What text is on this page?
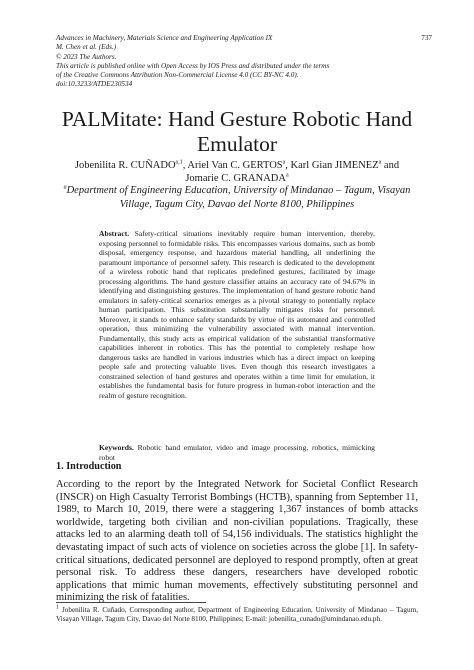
Advances in Machinery, Materials Science and Engineering Application IX
M. Chen et al. (Eds.)
© 2023 The Authors.
This article is published online with Open Access by IOS Press and distributed under the terms
of the Creative Commons Attribution Non-Commercial License 4.0 (CC BY-NC 4.0).
doi:10.3233/ATDE230534
737
PALMitate: Hand Gesture Robotic Hand
Emulator
Jobenilita R. CUÑADO$^{a,1}$, Ariel Van C. GERTOS$^a$, Karl Gian JIMENEZ$^a$ and
Jomarie C. GRANADA$^a$
$^a$Department of Engineering Education, University of Mindanao – Tagum, Visayan
Village, Tagum City, Davao del Norte 8100, Philippines
Abstract. Safety-critical situations inevitably require human intervention, thereby, exposing personnel to formidable risks. This encompasses various domains, such as bomb disposal, emergency response, and hazardous material handling, all underlining the paramount importance of personnel safety. This research is dedicated to the development of a wireless robotic hand that replicates predefined gestures, facilitated by image processing algorithms. The hand gesture classifier attains an accuracy rate of 94.67% in identifying and distinguishing gestures. The implementation of hand gesture robotic hand emulators in safety-critical scenarios emerges as a pivotal strategy to potentially replace human participation. This substitution substantially mitigates risks for personnel. Moreover, it stands to enhance safety standards by virtue of its automated and controlled operation, thus minimizing the vulnerability associated with manual intervention. Fundamentally, this study acts as empirical validation of the substantial transformative capabilities inherent in robotics. This has the potential to completely reshape how dangerous tasks are handled in various industries which has a direct impact on keeping people safe and protecting valuable lives. Even though this research investigates a constrained selection of hand gestures and operates within a time limit for emulation, it establishes the fundamental basis for future progress in human-robot interaction and the realm of gesture recognition.
Keywords. Robotic hand emulator, video and image processing, robotics, mimicking robot
1. Introduction
According to the report by the Integrated Network for Societal Conflict Research (INSCR) on High Casualty Terrorist Bombings (HCTB), spanning from September 11, 1989, to March 10, 2019, there were a staggering 1,367 instances of bomb attacks worldwide, targeting both civilian and non-civilian populations. Tragically, these attacks led to an alarming death toll of 54,156 individuals. The statistics highlight the devastating impact of such acts of violence on societies across the globe [1]. In safety-critical situations, dedicated personnel are deployed to respond promptly, often at great personal risk. To address these dangers, researchers have developed robotic applications that mimic human movements, effectively substituting personnel and minimizing the risk of fatalities.
$^1$ Jobenilita R. Cuñado, Corresponding author, Department of Engineering Education, University of Mindanao – Tagum, Visayan Village, Tagum City, Davao del Norte 8100, Philippines; E-mail: jobenilita_cunado@umindanao.edu.ph.
